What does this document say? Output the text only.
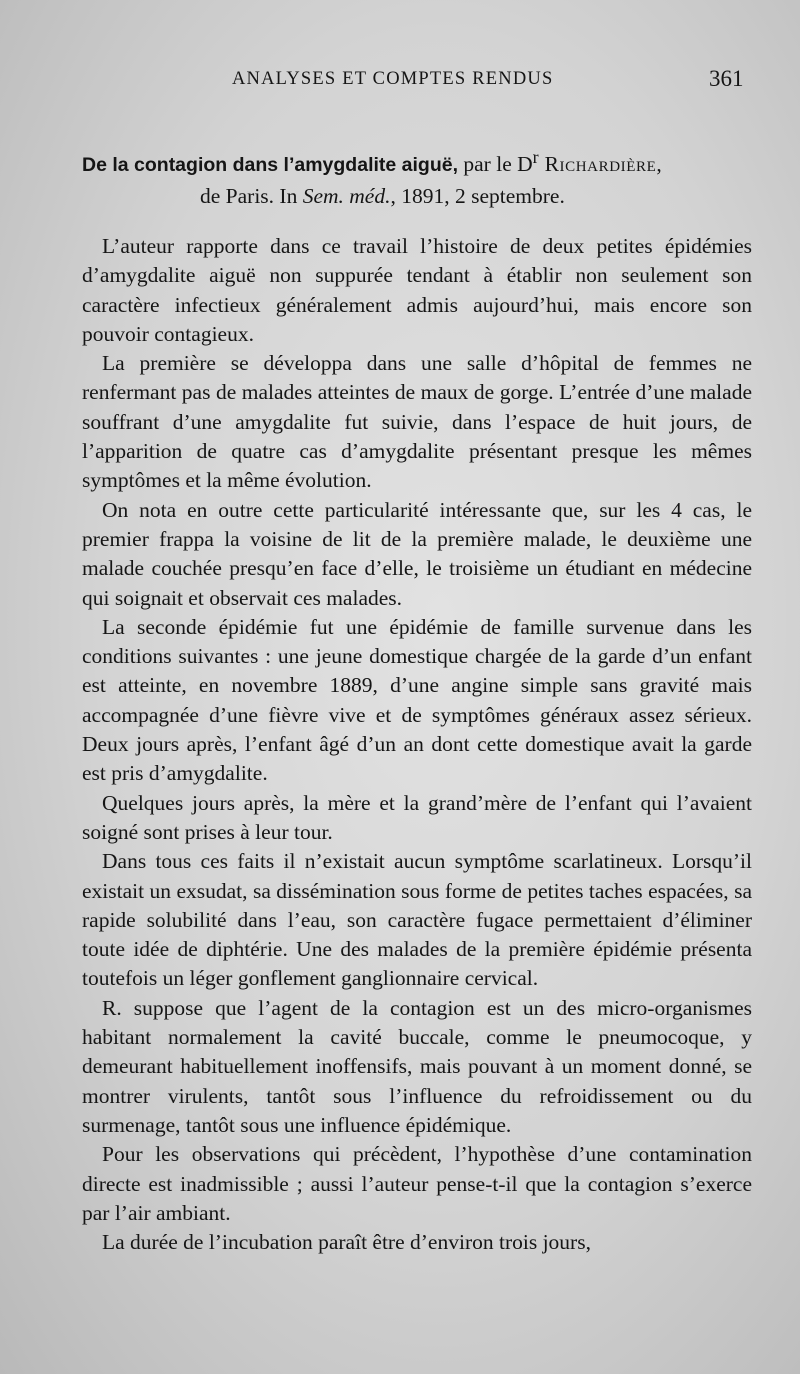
ANALYSES ET COMPTES RENDUS	361
De la contagion dans l’amygdalite aiguë, par le $D^r$ Richardière,
de Paris. In Sem. méd., 1891, 2 septembre.

L’auteur rapporte dans ce travail l’histoire de deux petites épidémies d’amygdalite aiguë non suppurée tendant à établir non seulement son caractère infectieux généralement admis aujourd’hui, mais encore son pouvoir contagieux.

La première se développa dans une salle d’hôpital de femmes ne renfermant pas de malades atteintes de maux de gorge. L’entrée d’une malade souffrant d’une amygdalite fut suivie, dans l’espace de huit jours, de l’apparition de quatre cas d’amygdalite présentant presque les mêmes symptômes et la même évolution.

On nota en outre cette particularité intéressante que, sur les 4 cas, le premier frappa la voisine de lit de la première malade, le deuxième une malade couchée presqu’en face d’elle, le troisième un étudiant en médecine qui soignait et observait ces malades.

La seconde épidémie fut une épidémie de famille survenue dans les conditions suivantes : une jeune domestique chargée de la garde d’un enfant est atteinte, en novembre 1889, d’une angine simple sans gravité mais accompagnée d’une fièvre vive et de symptômes généraux assez sérieux. Deux jours après, l’enfant âgé d’un an dont cette domestique avait la garde est pris d’amygdalite.

Quelques jours après, la mère et la grand’mère de l’enfant qui l’avaient soigné sont prises à leur tour.

Dans tous ces faits il n’existait aucun symptôme scarlatineux. Lorsqu’il existait un exsudat, sa dissémination sous forme de petites taches espacées, sa rapide solubilité dans l’eau, son caractère fugace permettaient d’éliminer toute idée de diphtérie. Une des malades de la première épidémie présenta toutefois un léger gonflement ganglionnaire cervical.

R. suppose que l’agent de la contagion est un des micro-organismes habitant normalement la cavité buccale, comme le pneumocoque, y demeurant habituellement inoffensifs, mais pouvant à un moment donné, se montrer virulents, tantôt sous l’influence du refroidissement ou du surmenage, tantôt sous une influence épidémique.

Pour les observations qui précèdent, l’hypothèse d’une contamination directe est inadmissible ; aussi l’auteur pense-t-il que la contagion s’exerce par l’air ambiant.

La durée de l’incubation paraît être d’environ trois jours,
